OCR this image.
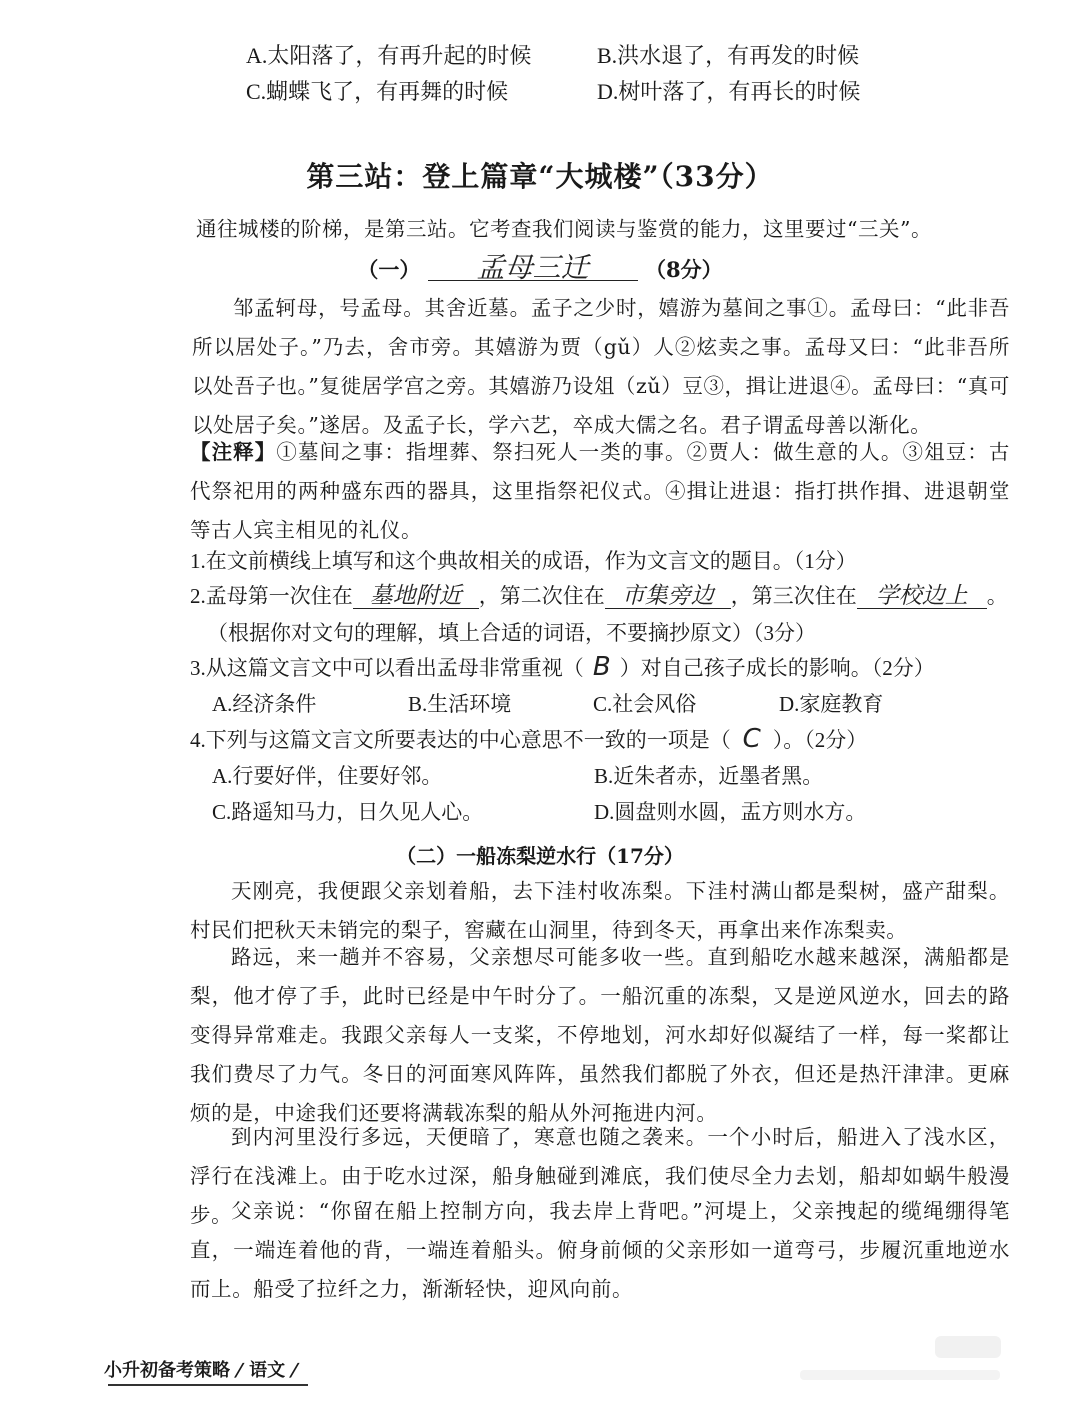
A.太阳落了，有再升起的时候	B.洪水退了，有再发的时候
C.蝴蝶飞了，有再舞的时候	D.树叶落了，有再长的时候
第三站：登上篇章“大城楼”（33分）
通往城楼的阶梯，是第三站。它考查我们阅读与鉴赏的能力，这里要过“三关”。
（一） 孟母三迁	（8分）
邹孟轲母，号孟母。其舍近墓。孟子之少时，嬉游为墓间之事①。孟母曰：“此非吾所以居处子。”乃去，舍市旁。其嬉游为贾（gǔ）人②炫卖之事。孟母又曰：“此非吾所以处吾子也。”复徙居学宫之旁。其嬉游乃设俎（zǔ）豆③，揖让进退④。孟母曰：“真可以处居子矣。”遂居。及孟子长，学六艺，卒成大儒之名。君子谓孟母善以渐化。
【注释】①墓间之事：指埋葬、祭扫死人一类的事。②贾人：做生意的人。③俎豆：古代祭祀用的两种盛东西的器具，这里指祭祀仪式。④揖让进退：指打拱作揖、进退朝堂等古人宾主相见的礼仪。
1.在文前横线上填写和这个典故相关的成语，作为文言文的题目。（1分）
2.孟母第一次住在 墓地附近 ，第二次住在 市集旁边 ，第三次住在 学校边上 。
（根据你对文句的理解，填上合适的词语，不要摘抄原文）（3分）
3.从这篇文言文中可以看出孟母非常重视（ B ）对自己孩子成长的影响。（2分）
A.经济条件	B.生活环境	C.社会风俗	D.家庭教育
4.下列与这篇文言文所要表达的中心意思不一致的一项是（ C ）。（2分）
A.行要好伴，住要好邻。	B.近朱者赤，近墨者黑。
C.路遥知马力，日久见人心。	D.圆盘则水圆，盂方则水方。
（二）一船冻梨逆水行（17分）
天刚亮，我便跟父亲划着船，去下洼村收冻梨。下洼村满山都是梨树，盛产甜梨。村民们把秋天未销完的梨子，窖藏在山洞里，待到冬天，再拿出来作冻梨卖。
路远，来一趟并不容易，父亲想尽可能多收一些。直到船吃水越来越深，满船都是梨，他才停了手，此时已经是中午时分了。一船沉重的冻梨，又是逆风逆水，回去的路变得异常难走。我跟父亲每人一支桨，不停地划，河水却好似凝结了一样，每一桨都让我们费尽了力气。冬日的河面寒风阵阵，虽然我们都脱了外衣，但还是热汗津津。更麻烦的是，中途我们还要将满载冻梨的船从外河拖进内河。
到内河里没行多远，天便暗了，寒意也随之袭来。一个小时后，船进入了浅水区，浮行在浅滩上。由于吃水过深，船身触碰到滩底，我们使尽全力去划，船却如蜗牛般漫步。
父亲说：“你留在船上控制方向，我去岸上背吧。”河堤上，父亲拽起的缆绳绷得笔直，一端连着他的背，一端连着船头。俯身前倾的父亲形如一道弯弓，步履沉重地逆水而上。船受了拉纤之力，渐渐轻快，迎风向前。
小升初备考策略 / 语文 /
